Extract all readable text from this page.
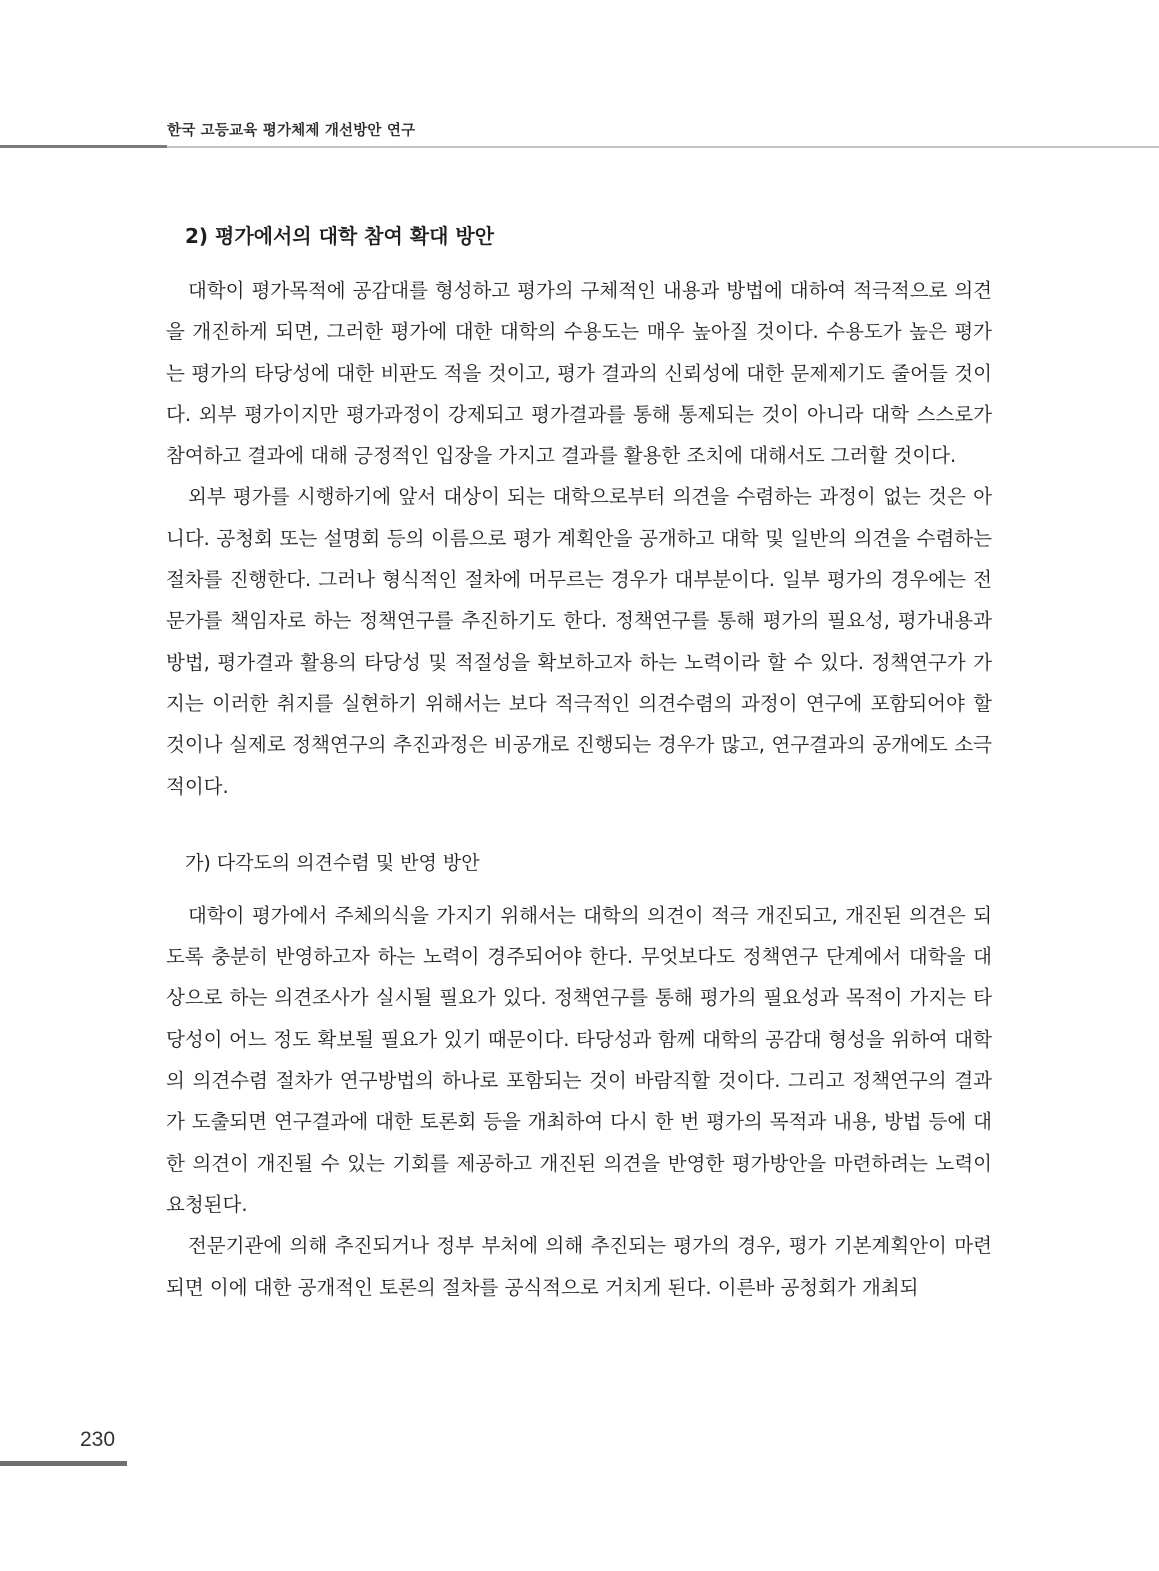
한국 고등교육 평가체제 개선방안 연구
2) 평가에서의 대학 참여 확대 방안

대학이 평가목적에 공감대를 형성하고 평가의 구체적인 내용과 방법에 대하여 적극적으로 의견을 개진하게 되면, 그러한 평가에 대한 대학의 수용도는 매우 높아질 것이다. 수용도가 높은 평가는 평가의 타당성에 대한 비판도 적을 것이고, 평가 결과의 신뢰성에 대한 문제제기도 줄어들 것이다. 외부 평가이지만 평가과정이 강제되고 평가결과를 통해 통제되는 것이 아니라 대학 스스로가 참여하고 결과에 대해 긍정적인 입장을 가지고 결과를 활용한 조치에 대해서도 그러할 것이다.

외부 평가를 시행하기에 앞서 대상이 되는 대학으로부터 의견을 수렴하는 과정이 없는 것은 아니다. 공청회 또는 설명회 등의 이름으로 평가 계획안을 공개하고 대학 및 일반의 의견을 수렴하는 절차를 진행한다. 그러나 형식적인 절차에 머무르는 경우가 대부분이다. 일부 평가의 경우에는 전문가를 책임자로 하는 정책연구를 추진하기도 한다. 정책연구를 통해 평가의 필요성, 평가내용과 방법, 평가결과 활용의 타당성 및 적절성을 확보하고자 하는 노력이라 할 수 있다. 정책연구가 가지는 이러한 취지를 실현하기 위해서는 보다 적극적인 의견수렴의 과정이 연구에 포함되어야 할 것이나 실제로 정책연구의 추진과정은 비공개로 진행되는 경우가 많고, 연구결과의 공개에도 소극적이다.

가) 다각도의 의견수렴 및 반영 방안

대학이 평가에서 주체의식을 가지기 위해서는 대학의 의견이 적극 개진되고, 개진된 의견은 되도록 충분히 반영하고자 하는 노력이 경주되어야 한다. 무엇보다도 정책연구 단계에서 대학을 대상으로 하는 의견조사가 실시될 필요가 있다. 정책연구를 통해 평가의 필요성과 목적이 가지는 타당성이 어느 정도 확보될 필요가 있기 때문이다. 타당성과 함께 대학의 공감대 형성을 위하여 대학의 의견수렴 절차가 연구방법의 하나로 포함되는 것이 바람직할 것이다. 그리고 정책연구의 결과가 도출되면 연구결과에 대한 토론회 등을 개최하여 다시 한 번 평가의 목적과 내용, 방법 등에 대한 의견이 개진될 수 있는 기회를 제공하고 개진된 의견을 반영한 평가방안을 마련하려는 노력이 요청된다.

전문기관에 의해 추진되거나 정부 부처에 의해 추진되는 평가의 경우, 평가 기본계획안이 마련되면 이에 대한 공개적인 토론의 절차를 공식적으로 거치게 된다. 이른바 공청회가 개최되

230
